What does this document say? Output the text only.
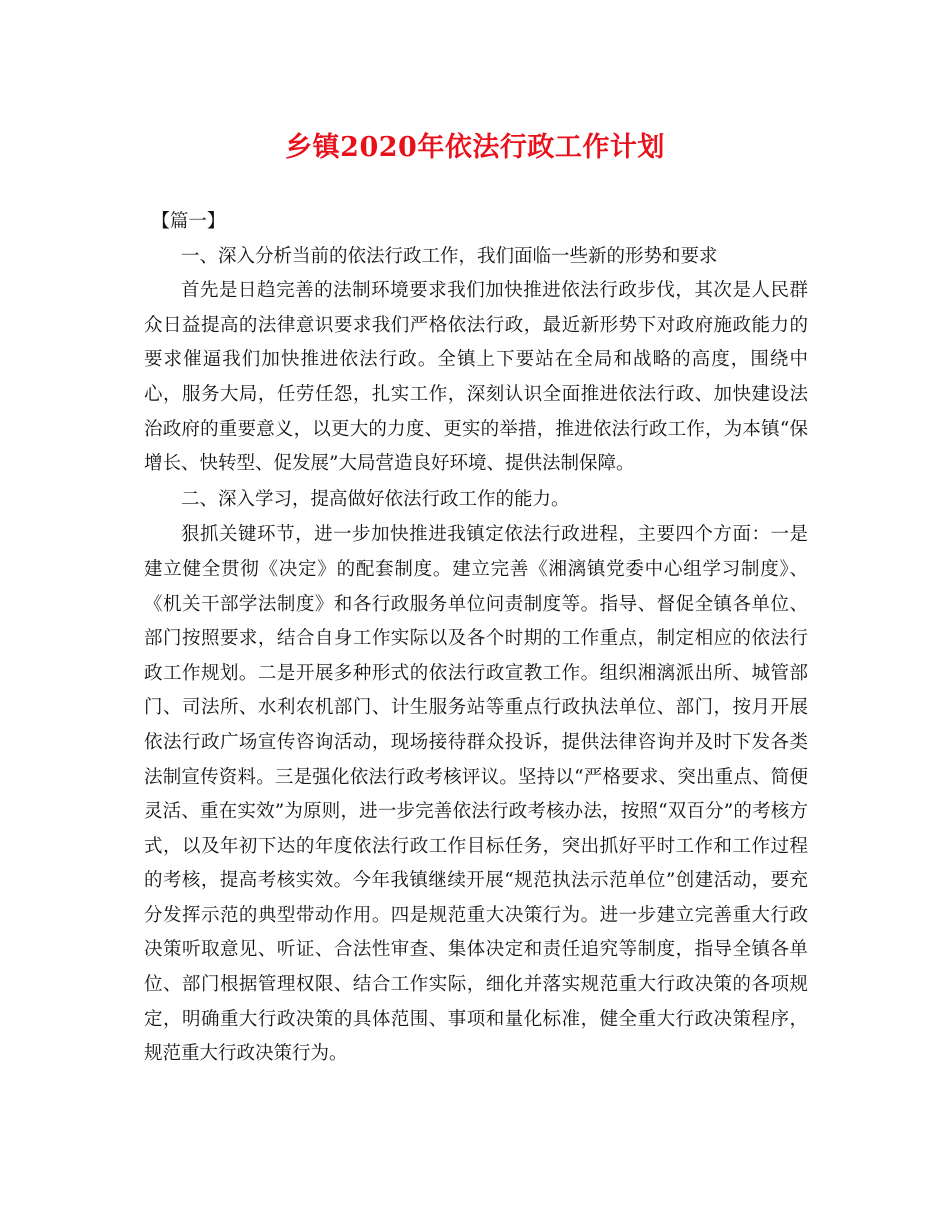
乡镇2020年依法行政工作计划

【篇一】

一、深入分析当前的依法行政工作，我们面临一些新的形势和要求

首先是日趋完善的法制环境要求我们加快推进依法行政步伐，其次是人民群众日益提高的法律意识要求我们严格依法行政，最近新形势下对政府施政能力的要求催逼我们加快推进依法行政。全镇上下要站在全局和战略的高度，围绕中心，服务大局，任劳任怨，扎实工作，深刻认识全面推进依法行政、加快建设法治政府的重要意义，以更大的力度、更实的举措，推进依法行政工作，为本镇“保增长、快转型、促发展”大局营造良好环境、提供法制保障。

二、深入学习，提高做好依法行政工作的能力。

狠抓关键环节，进一步加快推进我镇定依法行政进程，主要四个方面：一是建立健全贯彻《决定》的配套制度。建立完善《湘漓镇党委中心组学习制度》、《机关干部学法制度》和各行政服务单位问责制度等。指导、督促全镇各单位、部门按照要求，结合自身工作实际以及各个时期的工作重点，制定相应的依法行政工作规划。二是开展多种形式的依法行政宣教工作。组织湘漓派出所、城管部门、司法所、水利农机部门、计生服务站等重点行政执法单位、部门，按月开展依法行政广场宣传咨询活动，现场接待群众投诉，提供法律咨询并及时下发各类法制宣传资料。三是强化依法行政考核评议。坚持以“严格要求、突出重点、简便灵活、重在实效”为原则，进一步完善依法行政考核办法，按照“双百分”的考核方式，以及年初下达的年度依法行政工作目标任务，突出抓好平时工作和工作过程的考核，提高考核实效。今年我镇继续开展“规范执法示范单位”创建活动，要充分发挥示范的典型带动作用。四是规范重大决策行为。进一步建立完善重大行政决策听取意见、听证、合法性审查、集体决定和责任追究等制度，指导全镇各单位、部门根据管理权限、结合工作实际，细化并落实规范重大行政决策的各项规定，明确重大行政决策的具体范围、事项和量化标准，健全重大行政决策程序，规范重大行政决策行为。
